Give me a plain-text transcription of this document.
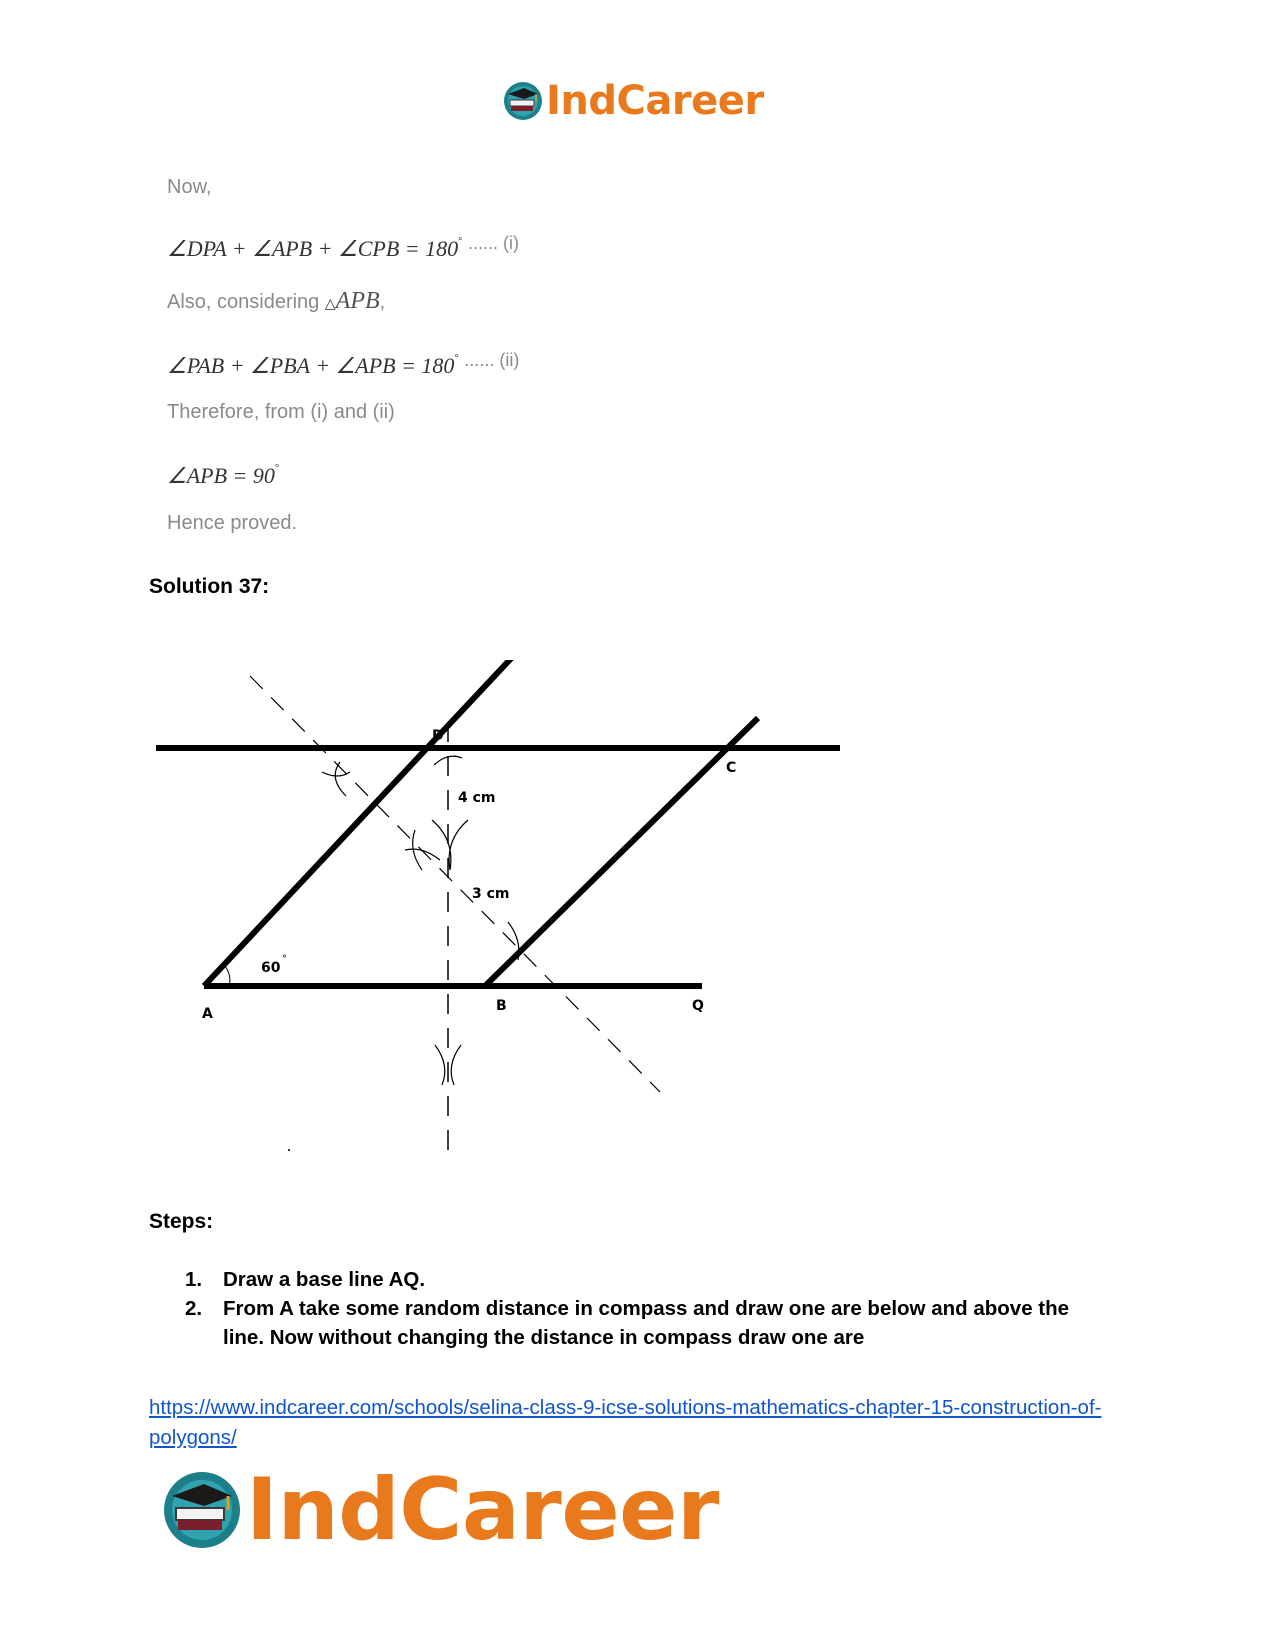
IndCareer
Now,
∠DPA + ∠APB + ∠CPB = 180° $^{...... (i)}$
Also, considering △APB,
∠PAB + ∠PBA + ∠APB = 180° $^{...... (ii)}$
Therefore, from (i) and (ii)
∠APB = 90°
Hence proved.
Solution 37:
D
C
A	B	Q
4 cm
3 cm
60
°
Steps:
1.	Draw a base line AQ.
2.	From A take some random distance in compass and draw one are below and above the line. Now without changing the distance in compass draw one are
https://www.indcareer.com/schools/selina-class-9-icse-solutions-mathematics-chapter-15-construction-of-polygons/
IndCareer
